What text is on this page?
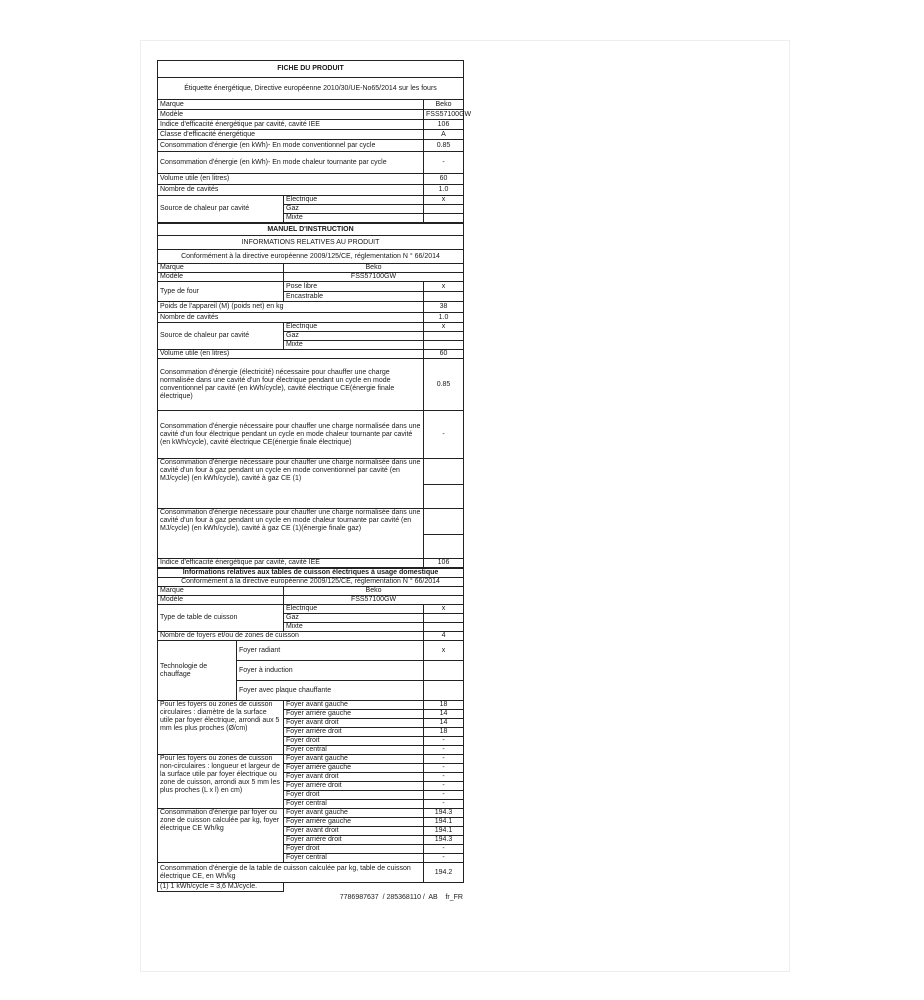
FICHE DU PRODUIT		
Étiquette énergétique, Directive européenne 2010/30/UE-No65/2014 sur les fours		
Marque		Beko
Modèle		FSS57100GW
Indice d'efficacité énergétique par cavité, cavité IEE		106
Classe d'efficacité énergétique		A
Consommation d'énergie (en kWh)- En mode conventionnel par cycle		0.85
Consommation d'énergie (en kWh)- En mode chaleur tournante par cycle		-
Volume utile (en litres)		60
Nombre de cavités		1.0
Source de chaleur par cavité	Electrique	x
	Gaz	
	Mixte	
MANUEL D'INSTRUCTION		
INFORMATIONS RELATIVES AU PRODUIT		
Conformément à la directive européenne 2009/125/CE, réglementation N ° 66/2014		
Marque	Beko	
Modèle	FSS57100GW	
Type de four	Pose libre	x
	Encastrable	
Poids de l'appareil (M) (poids net) en kg		38
Nombre de cavités		1.0
Source de chaleur par cavité	Electrique	x
	Gaz	
	Mixte	
Volume utile (en litres)		60
Consommation d'énergie (électricité) nécessaire pour chauffer une charge normalisée dans une cavité d'un four électrique pendant un cycle en mode conventionnel par cavité (en kWh/cycle), cavité électrique CE(énergie finale électrique)		0.85
Consommation d'énergie nécessaire pour chauffer une charge normalisée dans une cavité d'un four électrique pendant un cycle en mode chaleur tournante par cavité (en kWh/cycle), cavité électrique CE(énergie finale électrique)		-
Consommation d'énergie nécessaire pour chauffer une charge normalisée dans une cavité d'un four à gaz pendant un cycle en mode conventionnel par cavité (en MJ/cycle) (en kWh/cycle), cavité à gaz CE (1)		

Consommation d'énergie nécessaire pour chauffer une charge normalisée dans une cavité d'un four à gaz pendant un cycle en mode chaleur tournante par cavité (en MJ/cycle) (en kWh/cycle), cavité à gaz CE (1)(énergie finale gaz)		

Indice d'efficacité énergétique par cavité, cavité IEE		106
Informations relatives aux tables de cuisson électriques à usage domestique			
Conformément à la directive européenne 2009/125/CE, réglementation N ° 66/2014			
Marque		Beko	
Modèle		FSS57100GW	
Type de table de cuisson		Electrique	x
		Gaz	
		Mixte	
Nombre de foyers et/ou de zones de cuisson			4
Technologie de chauffage	Foyer radiant		x
	Foyer à induction		
	Foyer avec plaque chauffante		
Pour les foyers ou zones de cuisson circulaires : diamètre de la surface utile par foyer électrique, arrondi aux 5 mm les plus proches (Ø/cm)		Foyer avant gauche	18
		Foyer arrière gauche	14
		Foyer avant droit	14
		Foyer arrière droit	18
		Foyer droit	-
		Foyer central	-
Pour les foyers ou zones de cuisson non-circulaires : longueur et largeur de la surface utile par foyer électrique ou zone de cuisson, arrondi aux 5 mm les plus proches (L x l) en cm)		Foyer avant gauche	-
		Foyer arrière gauche	-
		Foyer avant droit	-
		Foyer arrière droit	-
		Foyer droit	-
		Foyer central	-
Consommation d'énergie par foyer ou zone de cuisson calculée par kg, foyer électrique CE Wh/kg		Foyer avant gauche	194.3
		Foyer arrière gauche	194.1
		Foyer avant droit	194.1
		Foyer arrière droit	194.3
		Foyer droit	-
		Foyer central	-
Consommation d'énergie de la table de cuisson calculée par kg, table de cuisson électrique CE, en Wh/kg			194.2
(1) 1 kWh/cycle = 3,6 MJ/cycle.			
7786987637  / 285368110 /  AB    fr_FR
